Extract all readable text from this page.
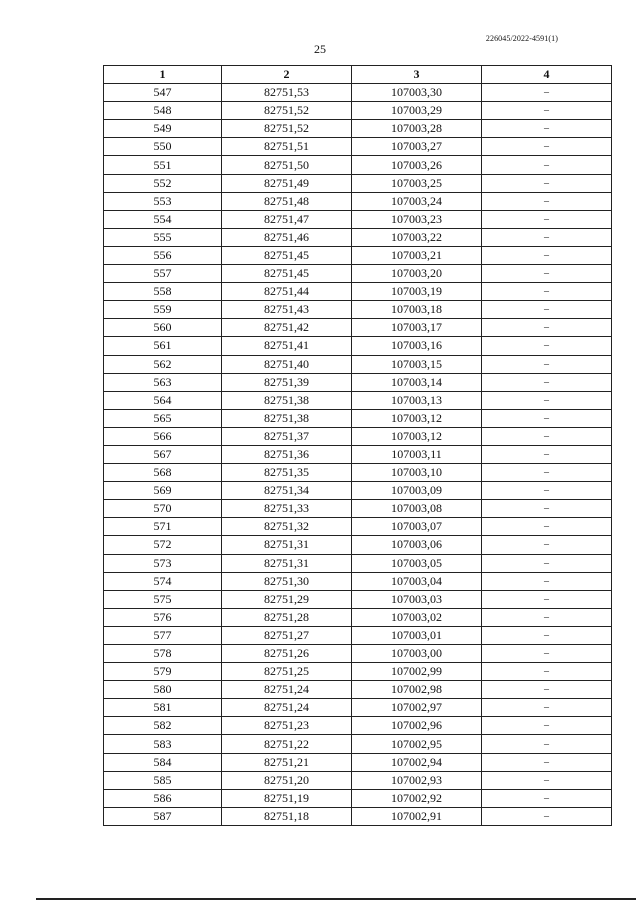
226045/2022-4591(1)
25
1	2	3	4
547	82751,53	107003,30	–
548	82751,52	107003,29	–
549	82751,52	107003,28	–
550	82751,51	107003,27	–
551	82751,50	107003,26	–
552	82751,49	107003,25	–
553	82751,48	107003,24	–
554	82751,47	107003,23	–
555	82751,46	107003,22	–
556	82751,45	107003,21	–
557	82751,45	107003,20	–
558	82751,44	107003,19	–
559	82751,43	107003,18	–
560	82751,42	107003,17	–
561	82751,41	107003,16	–
562	82751,40	107003,15	–
563	82751,39	107003,14	–
564	82751,38	107003,13	–
565	82751,38	107003,12	–
566	82751,37	107003,12	–
567	82751,36	107003,11	–
568	82751,35	107003,10	–
569	82751,34	107003,09	–
570	82751,33	107003,08	–
571	82751,32	107003,07	–
572	82751,31	107003,06	–
573	82751,31	107003,05	–
574	82751,30	107003,04	–
575	82751,29	107003,03	–
576	82751,28	107003,02	–
577	82751,27	107003,01	–
578	82751,26	107003,00	–
579	82751,25	107002,99	–
580	82751,24	107002,98	–
581	82751,24	107002,97	–
582	82751,23	107002,96	–
583	82751,22	107002,95	–
584	82751,21	107002,94	–
585	82751,20	107002,93	–
586	82751,19	107002,92	–
587	82751,18	107002,91	–
